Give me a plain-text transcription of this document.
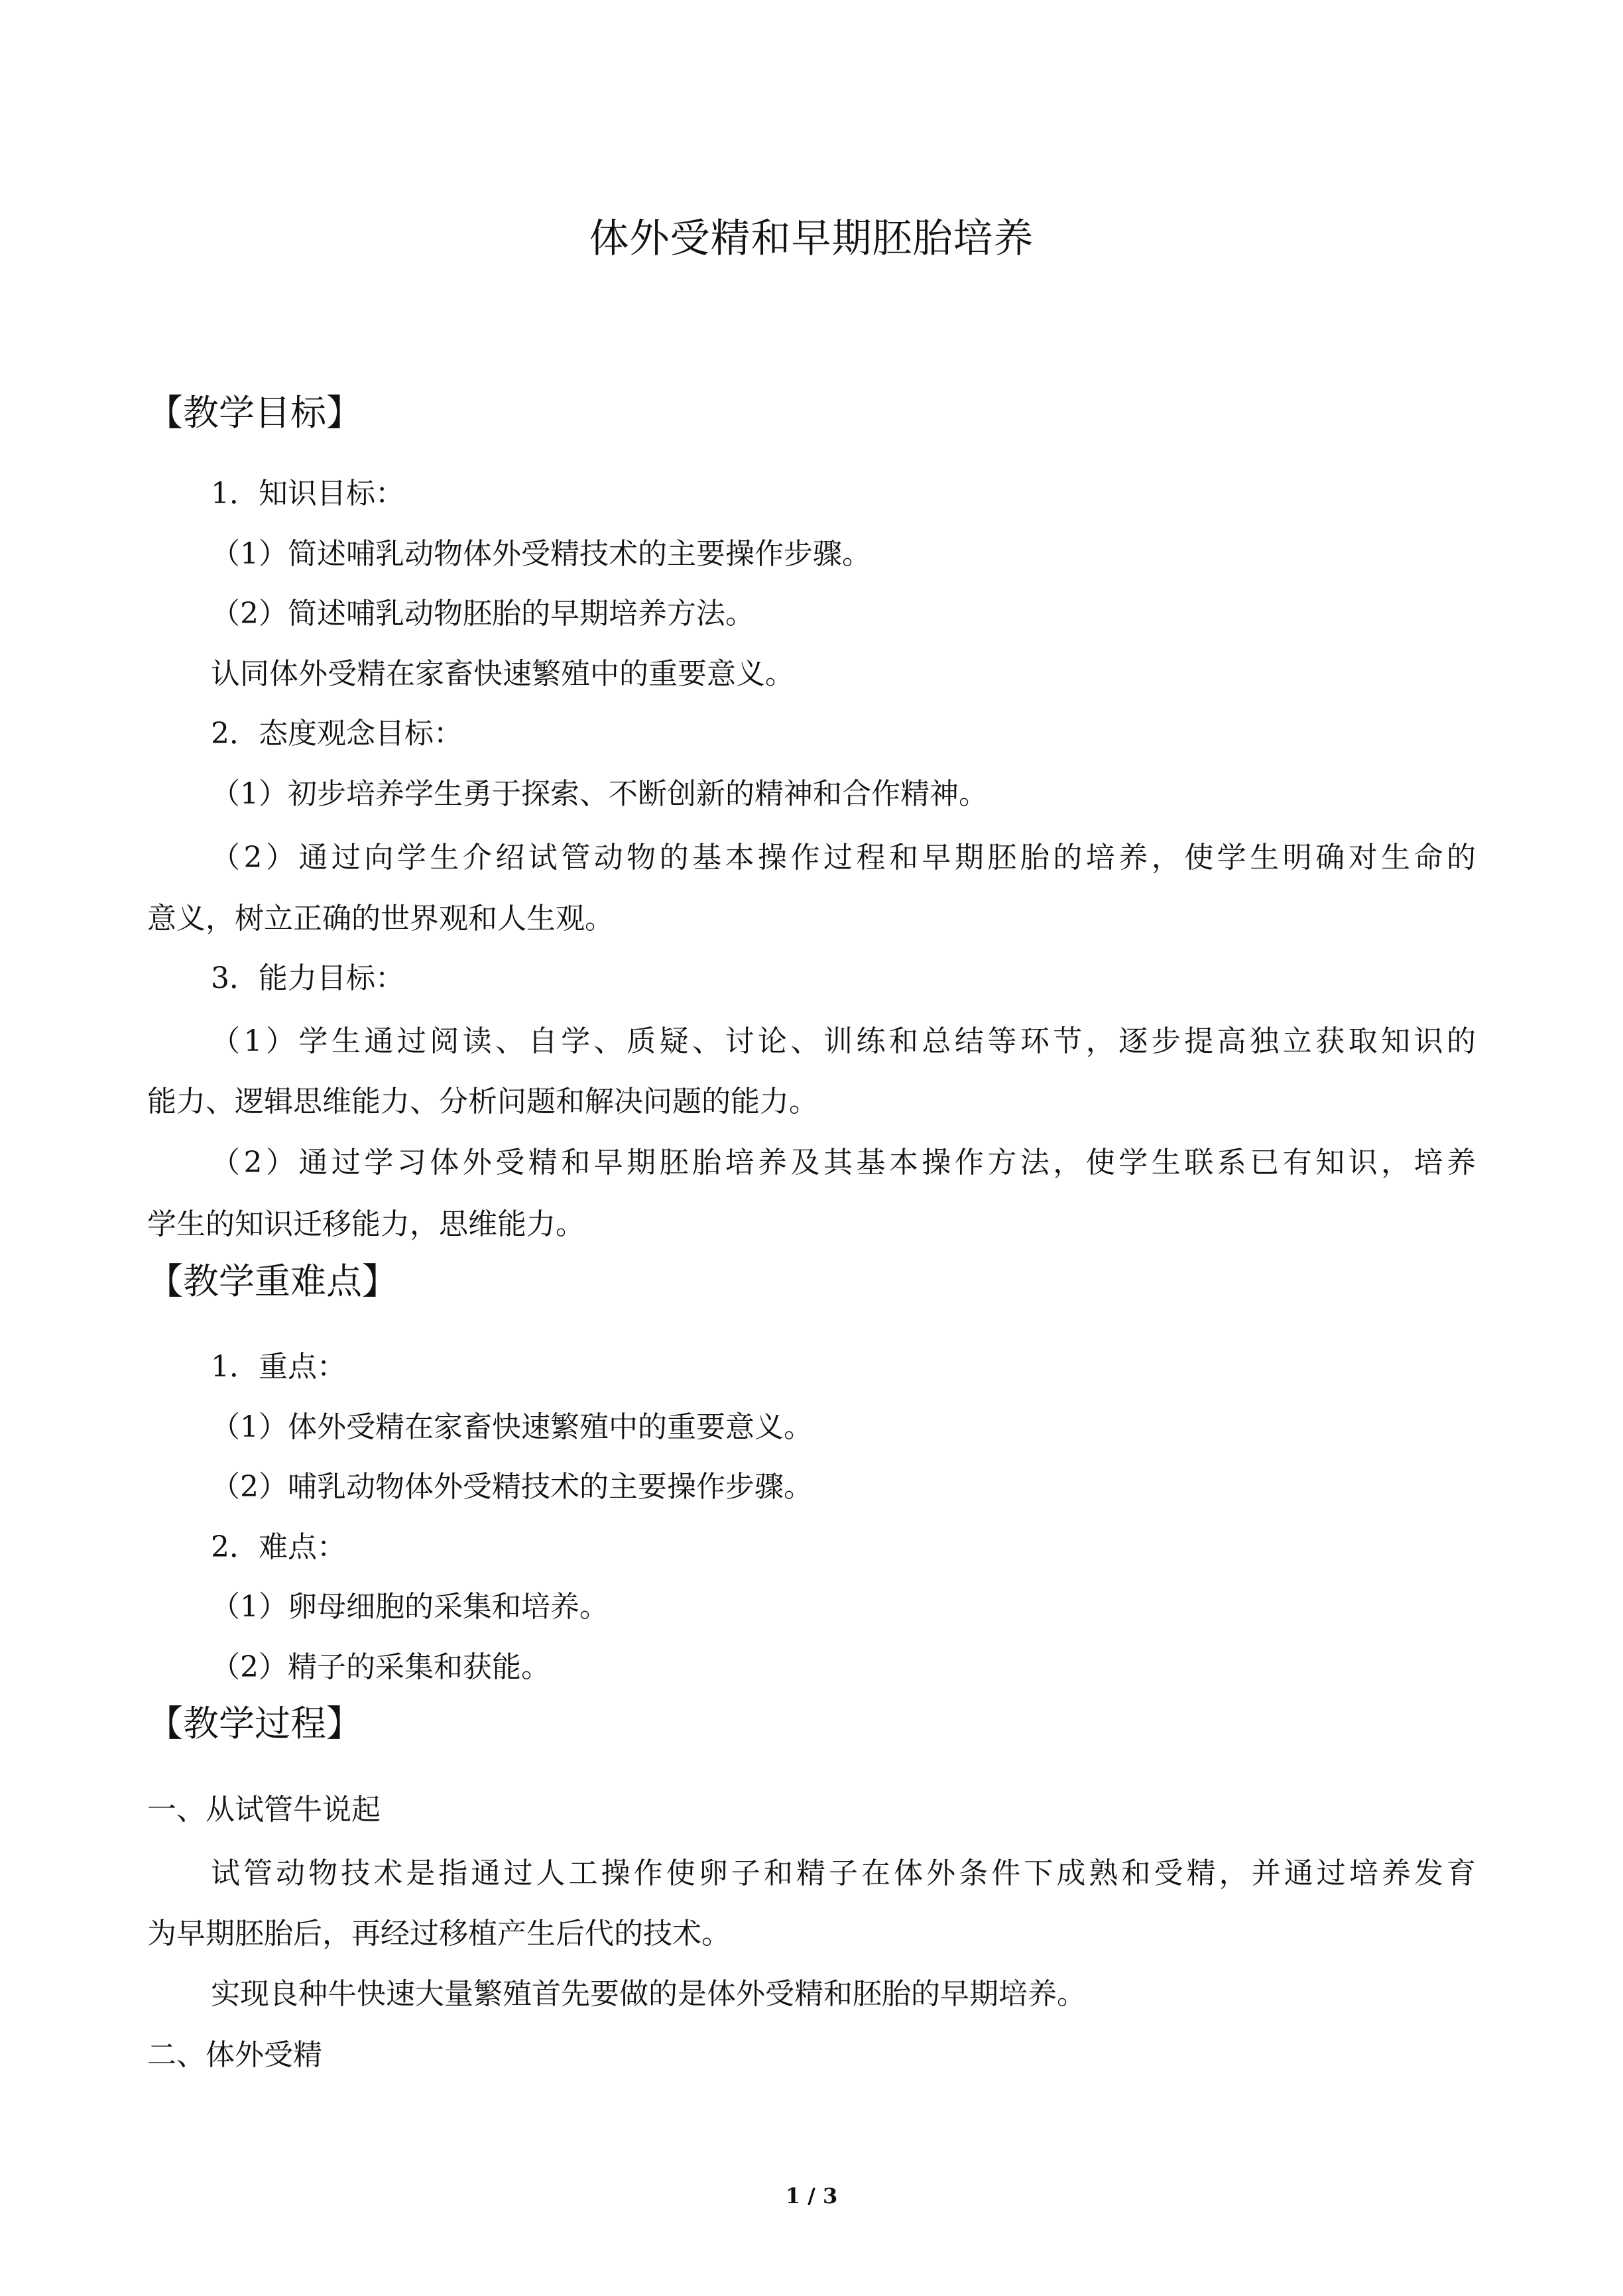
体外受精和早期胚胎培养
【教学目标】
1．知识目标：
（1）简述哺乳动物体外受精技术的主要操作步骤。
（2）简述哺乳动物胚胎的早期培养方法。
认同体外受精在家畜快速繁殖中的重要意义。
2．态度观念目标：
（1）初步培养学生勇于探索、不断创新的精神和合作精神。
（2）通过向学生介绍试管动物的基本操作过程和早期胚胎的培养，使学生明确对生命的
意义，树立正确的世界观和人生观。
3．能力目标：
（1）学生通过阅读、自学、质疑、讨论、训练和总结等环节，逐步提高独立获取知识的
能力、逻辑思维能力、分析问题和解决问题的能力。
（2）通过学习体外受精和早期胚胎培养及其基本操作方法，使学生联系已有知识，培养
学生的知识迁移能力，思维能力。
【教学重难点】
1．重点：
（1）体外受精在家畜快速繁殖中的重要意义。
（2）哺乳动物体外受精技术的主要操作步骤。
2．难点：
（1）卵母细胞的采集和培养。
（2）精子的采集和获能。
【教学过程】
一、从试管牛说起
试管动物技术是指通过人工操作使卵子和精子在体外条件下成熟和受精，并通过培养发育
为早期胚胎后，再经过移植产生后代的技术。
实现良种牛快速大量繁殖首先要做的是体外受精和胚胎的早期培养。
二、体外受精
1 / 3
